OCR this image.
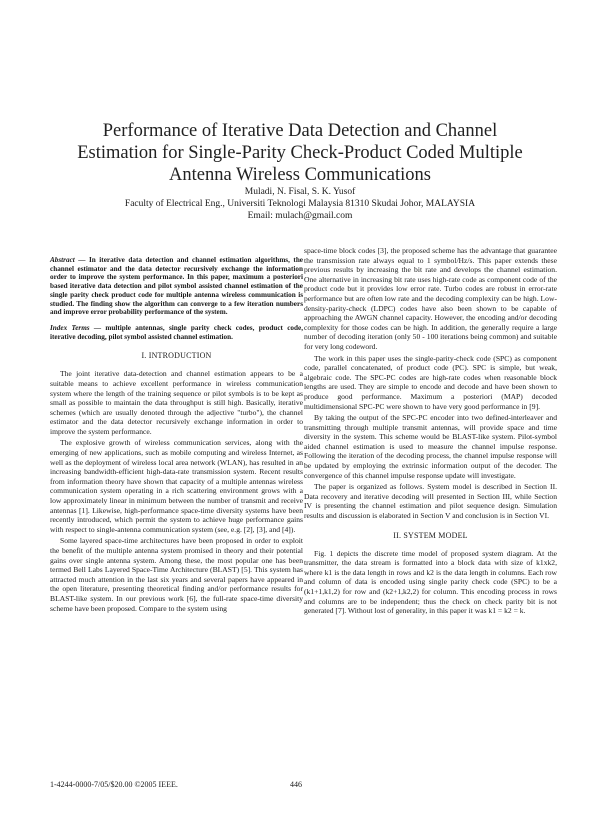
Performance of Iterative Data Detection and Channel
Estimation for Single-Parity Check-Product Coded Multiple
Antenna Wireless Communications
Muladi, N. Fisal, S. K. Yusof
Faculty of Electrical Eng., Universiti Teknologi Malaysia 81310 Skudai Johor, MALAYSIA
Email: mulach@gmail.com

Abstract — In iterative data detection and channel estimation algorithms, the channel estimator and the data detector recursively exchange the information order to improve the system performance. In this paper, maximum a posteriori based iterative data detection and pilot symbol assisted channel estimation of the single parity check product code for multiple antenna wireless communication is studied. The finding show the algorithm can converge to a few iteration numbers and improve error probability performance of the system.

Index Terms — multiple antennas, single parity check codes, product code, iterative decoding, pilot symbol assisted channel estimation.

I. INTRODUCTION

The joint iterative data-detection and channel estimation appears to be a suitable means to achieve excellent performance in wireless communication system where the length of the training sequence or pilot symbols is to be kept as small as possible to maintain the data throughput is still high. Basically, iterative schemes (which are usually denoted through the adjective "turbo"), the channel estimator and the data detector recursively exchange information in order to improve the system performance.

The explosive growth of wireless communication services, along with the emerging of new applications, such as mobile computing and wireless Internet, as well as the deployment of wireless local area network (WLAN), has resulted in an increasing bandwidth-efficient high-data-rate transmission system. Recent results from information theory have shown that capacity of a multiple antennas wireless communication system operating in a rich scattering environment grows with a low approximately linear in minimum between the number of transmit and receive antennas [1]. Likewise, high-performance space-time diversity systems have been recently introduced, which permit the system to achieve huge performance gains with respect to single-antenna communication system (see, e.g. [2], [3], and [4]).

Some layered space-time architectures have been proposed in order to exploit the benefit of the multiple antenna system promised in theory and their potential gains over single antenna system. Among these, the most popular one has been termed Bell Labs Layered Space-Time Architecture (BLAST) [5]. This system has attracted much attention in the last six years and several papers have appeared in the open literature, presenting theoretical finding and/or performance results for BLAST-like system. In our previous work [6], the full-rate space-time diversity scheme have been proposed. Compare to the system using

space-time block codes [3], the proposed scheme has the advantage that guarantee the transmission rate always equal to 1 symbol/Hz/s. This paper extends these previous results by increasing the bit rate and develops the channel estimation. One alternative in increasing bit rate uses high-rate code as component code of the product code but it provides low error rate. Turbo codes are robust in error-rate performance but are often low rate and the decoding complexity can be high. Low-density-parity-check (LDPC) codes have also been shown to be capable of approaching the AWGN channel capacity. However, the encoding and/or decoding complexity for those codes can be high. In addition, the generally require a large number of decoding iteration (only 50 - 100 iterations being common) and suitable for very long codeword.

The work in this paper uses the single-parity-check code (SPC) as component code, parallel concatenated, of product code (PC). SPC is simple, but weak, algebraic code. The SPC-PC codes are high-rate codes when reasonable block lengths are used. They are simple to encode and decode and have been shown to produce good performance. Maximum a posteriori (MAP) decoded multidimensional SPC-PC were shown to have very good performance in [9].

By taking the output of the SPC-PC encoder into two defined-interleaver and transmitting through multiple transmit antennas, will provide space and time diversity in the system. This scheme would be BLAST-like system. Pilot-symbol aided channel estimation is used to measure the channel impulse response. Following the iteration of the decoding process, the channel impulse response will be updated by employing the extrinsic information output of the decoder. The convergence of this channel impulse response update will investigate.

The paper is organized as follows. System model is described in Section II. Data recovery and iterative decoding will presented in Section III, while Section IV is presenting the channel estimation and pilot sequence design. Simulation results and discussion is elaborated in Section V and conclusion is in Section VI.

II. SYSTEM MODEL

Fig. 1 depicts the discrete time model of proposed system diagram. At the transmitter, the data stream is formatted into a block data with size of k1xk2, where k1 is the data length in rows and k2 is the data length in columns. Each row and column of data is encoded using single parity check code (SPC) to be a (k1+1,k1,2) for row and (k2+1,k2,2) for column. This encoding process in rows and columns are to be independent; thus the check on check parity bit is not generated [7]. Without lost of generality, in this paper it was k1 = k2 = k.

1-4244-0000-7/05/$20.00 ©2005 IEEE.	446
